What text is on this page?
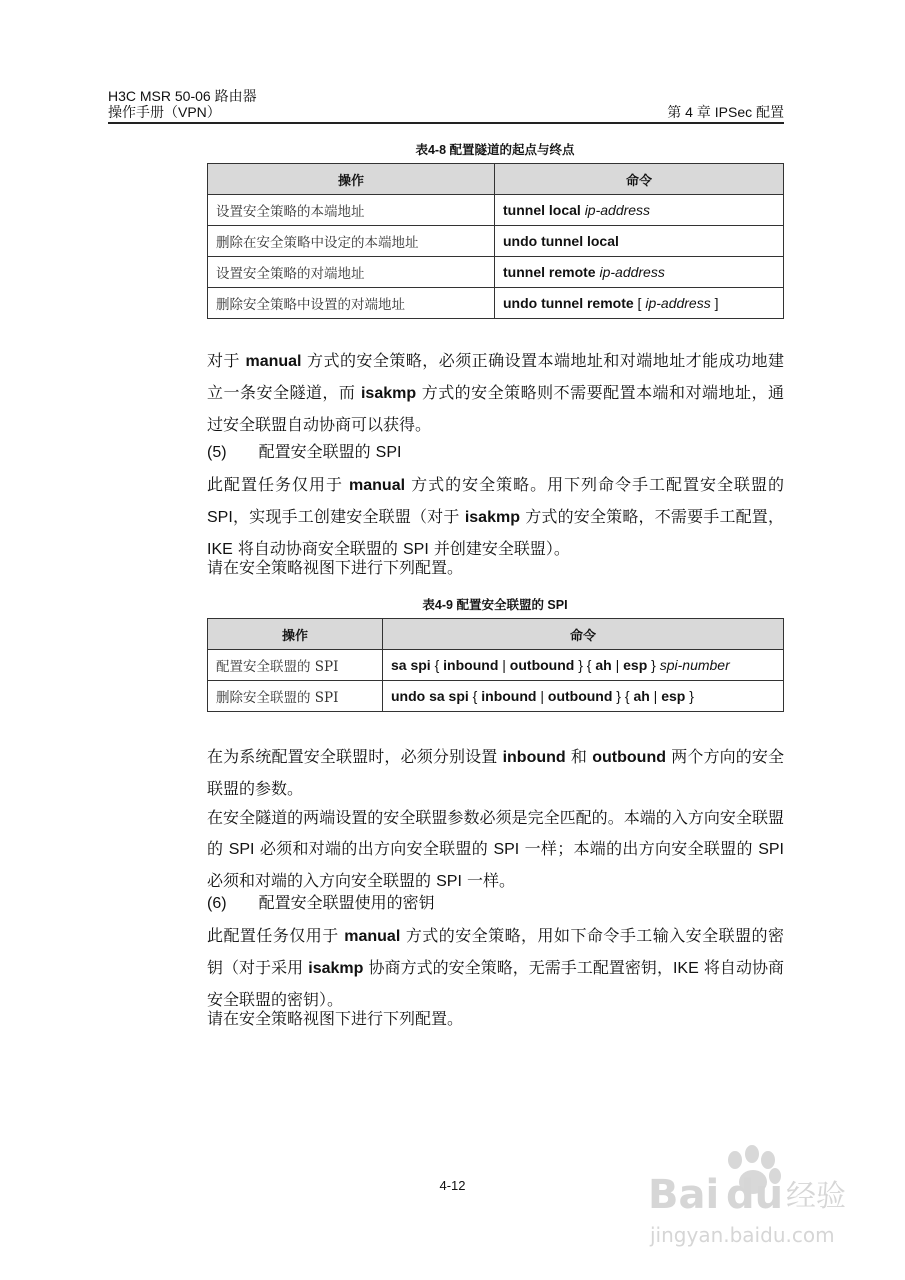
H3C MSR 50-06 路由器
操作手册（VPN）	第 4 章 IPSec 配置
表4-8 配置隧道的起点与终点
操作	命令
设置安全策略的本端地址	tunnel local ip-address
删除在安全策略中设定的本端地址	undo tunnel local
设置安全策略的对端地址	tunnel remote ip-address
删除安全策略中设置的对端地址	undo tunnel remote [ ip-address ]
对于 manual 方式的安全策略，必须正确设置本端地址和对端地址才能成功地建立一条安全隧道，而 isakmp 方式的安全策略则不需要配置本端和对端地址，通过安全联盟自动协商可以获得。
(5)　　配置安全联盟的 SPI
此配置任务仅用于 manual 方式的安全策略。用下列命令手工配置安全联盟的 SPI，实现手工创建安全联盟（对于 isakmp 方式的安全策略，不需要手工配置，IKE 将自动协商安全联盟的 SPI 并创建安全联盟）。
请在安全策略视图下进行下列配置。
表4-9 配置安全联盟的 SPI
操作	命令
配置安全联盟的 SPI	sa spi { inbound | outbound } { ah | esp } spi-number
删除安全联盟的 SPI	undo sa spi { inbound | outbound } { ah | esp }
在为系统配置安全联盟时，必须分别设置 inbound 和 outbound 两个方向的安全联盟的参数。
在安全隧道的两端设置的安全联盟参数必须是完全匹配的。本端的入方向安全联盟的 SPI 必须和对端的出方向安全联盟的 SPI 一样；本端的出方向安全联盟的 SPI 必须和对端的入方向安全联盟的 SPI 一样。
(6)　　配置安全联盟使用的密钥
此配置任务仅用于 manual 方式的安全策略，用如下命令手工输入安全联盟的密钥（对于采用 isakmp 协商方式的安全策略，无需手工配置密钥，IKE 将自动协商安全联盟的密钥）。
请在安全策略视图下进行下列配置。
4-12	Bai du 经验
jingyan.baidu.com
